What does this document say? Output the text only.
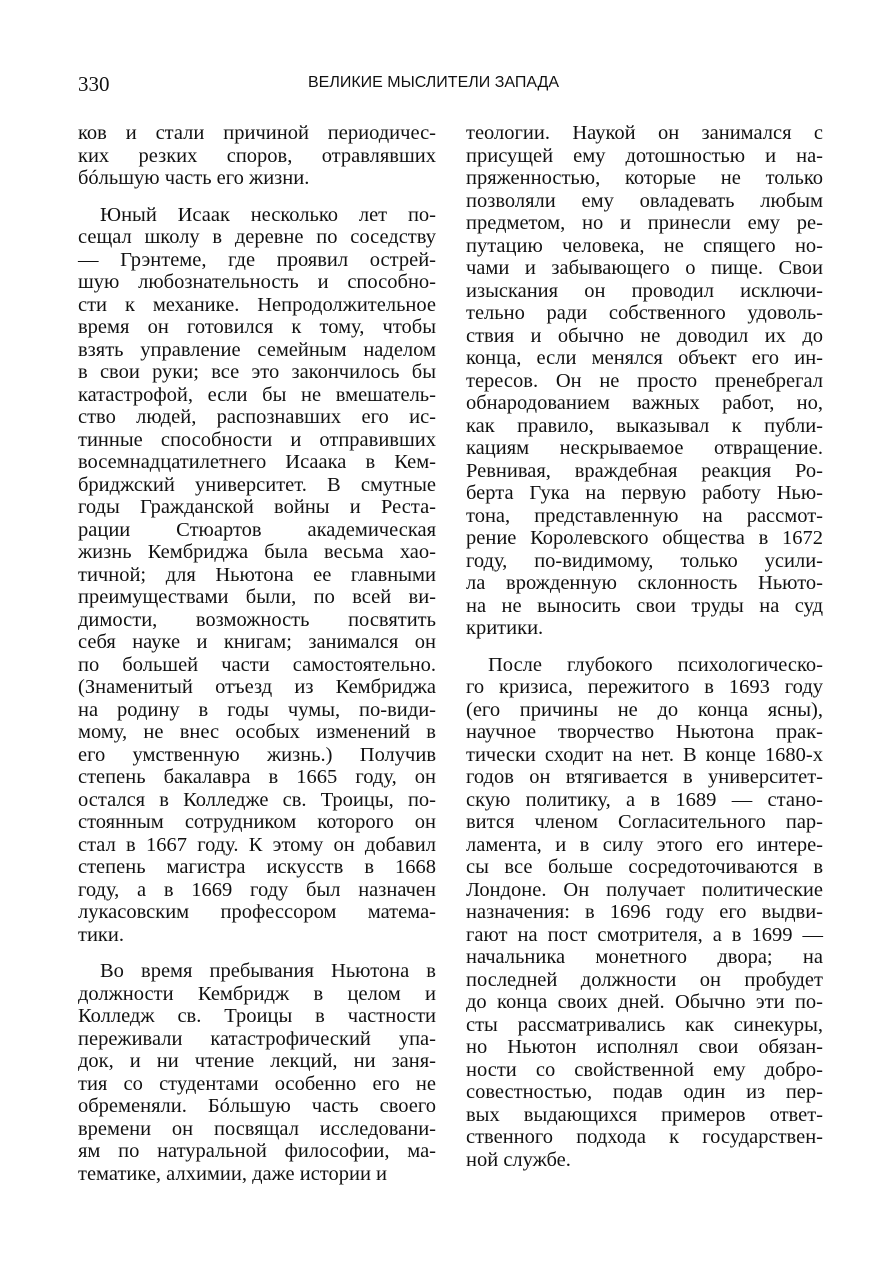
330	ВЕЛИКИЕ МЫСЛИТЕЛИ ЗАПАДА
ков и стали причиной периодичес-
ких резких споров, отравлявших
бóльшую часть его жизни.
Юный Исаак несколько лет по-
сещал школу в деревне по соседству
— Грэнтеме, где проявил острей-
шую любознательность и способно-
сти к механике. Непродолжительное
время он готовился к тому, чтобы
взять управление семейным наделом
в свои руки; все это закончилось бы
катастрофой, если бы не вмешатель-
ство людей, распознавших его ис-
тинные способности и отправивших
восемнадцатилетнего Исаака в Кем-
бриджский университет. В смутные
годы Гражданской войны и Реста-
рации Стюартов академическая
жизнь Кембриджа была весьма хао-
тичной; для Ньютона ее главными
преимуществами были, по всей ви-
димости, возможность посвятить
себя науке и книгам; занимался он
по большей части самостоятельно.
(Знаменитый отъезд из Кембриджа
на родину в годы чумы, по-види-
мому, не внес особых изменений в
его умственную жизнь.) Получив
степень бакалавра в 1665 году, он
остался в Колледже св. Троицы, по-
стоянным сотрудником которого он
стал в 1667 году. К этому он добавил
степень магистра искусств в 1668
году, а в 1669 году был назначен
лукасовским профессором матема-
тики.
Во время пребывания Ньютона в
должности Кембридж в целом и
Колледж св. Троицы в частности
переживали катастрофический упа-
док, и ни чтение лекций, ни заня-
тия со студентами особенно его не
обременяли. Бóльшую часть своего
времени он посвящал исследовани-
ям по натуральной философии, ма-
тематике, алхимии, даже истории и
теологии. Наукой он занимался с
присущей ему дотошностью и на-
пряженностью, которые не только
позволяли ему овладевать любым
предметом, но и принесли ему ре-
путацию человека, не спящего но-
чами и забывающего о пище. Свои
изыскания он проводил исключи-
тельно ради собственного удоволь-
ствия и обычно не доводил их до
конца, если менялся объект его ин-
тересов. Он не просто пренебрегал
обнародованием важных работ, но,
как правило, выказывал к публи-
кациям нескрываемое отвращение.
Ревнивая, враждебная реакция Ро-
берта Гука на первую работу Нью-
тона, представленную на рассмот-
рение Королевского общества в 1672
году, по-видимому, только усили-
ла врожденную склонность Ньюто-
на не выносить свои труды на суд
критики.
После глубокого психологическо-
го кризиса, пережитого в 1693 году
(его причины не до конца ясны),
научное творчество Ньютона прак-
тически сходит на нет. В конце 1680-х
годов он втягивается в университет-
скую политику, а в 1689 — стано-
вится членом Согласительного пар-
ламента, и в силу этого его интере-
сы все больше сосредоточиваются в
Лондоне. Он получает политические
назначения: в 1696 году его выдви-
гают на пост смотрителя, а в 1699 —
начальника монетного двора; на
последней должности он пробудет
до конца своих дней. Обычно эти по-
сты рассматривались как синекуры,
но Ньютон исполнял свои обязан-
ности со свойственной ему добро-
совестностью, подав один из пер-
вых выдающихся примеров ответ-
ственного подхода к государствен-
ной службе.
